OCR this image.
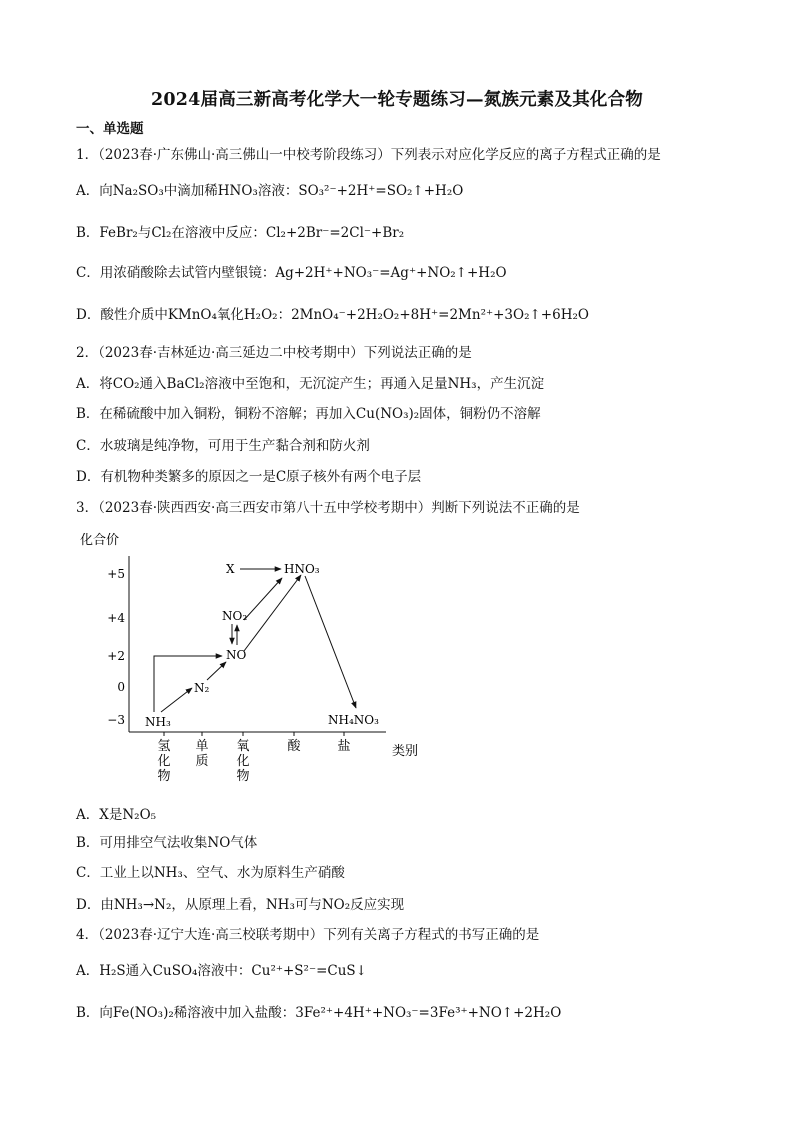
2024届高三新高考化学大一轮专题练习—氮族元素及其化合物
一、单选题
1．（2023春·广东佛山·高三佛山一中校考阶段练习）下列表示对应化学反应的离子方程式正确的是
A．向Na₂SO₃中滴加稀HNO₃溶液：SO₃²⁻+2H⁺=SO₂↑+H₂O
B．FeBr₂与Cl₂在溶液中反应：Cl₂+2Br⁻=2Cl⁻+Br₂
C．用浓硝酸除去试管内壁银镜：Ag+2H⁺+NO₃⁻=Ag⁺+NO₂↑+H₂O
D．酸性介质中KMnO₄氧化H₂O₂：2MnO₄⁻+2H₂O₂+8H⁺=2Mn²⁺+3O₂↑+6H₂O
2．（2023春·吉林延边·高三延边二中校考期中）下列说法正确的是
A．将CO₂通入BaCl₂溶液中至饱和，无沉淀产生；再通入足量NH₃，产生沉淀
B．在稀硫酸中加入铜粉，铜粉不溶解；再加入Cu(NO₃)₂固体，铜粉仍不溶解
C．水玻璃是纯净物，可用于生产黏合剂和防火剂
D．有机物种类繁多的原因之一是C原子核外有两个电子层
3．（2023春·陕西西安·高三西安市第八十五中学校考期中）判断下列说法不正确的是
化合价
类别
+5
+4
+2
0
−3
氢化物
单质
氧化物
酸	盐
X	HNO₃
NO₂
NO
N₂
NH₃	NH₄NO₃
A．X是N₂O₅
B．可用排空气法收集NO气体
C．工业上以NH₃、空气、水为原料生产硝酸
D．由NH₃→N₂，从原理上看，NH₃可与NO₂反应实现
4．（2023春·辽宁大连·高三校联考期中）下列有关离子方程式的书写正确的是
A．H₂S通入CuSO₄溶液中：Cu²⁺+S²⁻=CuS↓
B．向Fe(NO₃)₂稀溶液中加入盐酸：3Fe²⁺+4H⁺+NO₃⁻=3Fe³⁺+NO↑+2H₂O
